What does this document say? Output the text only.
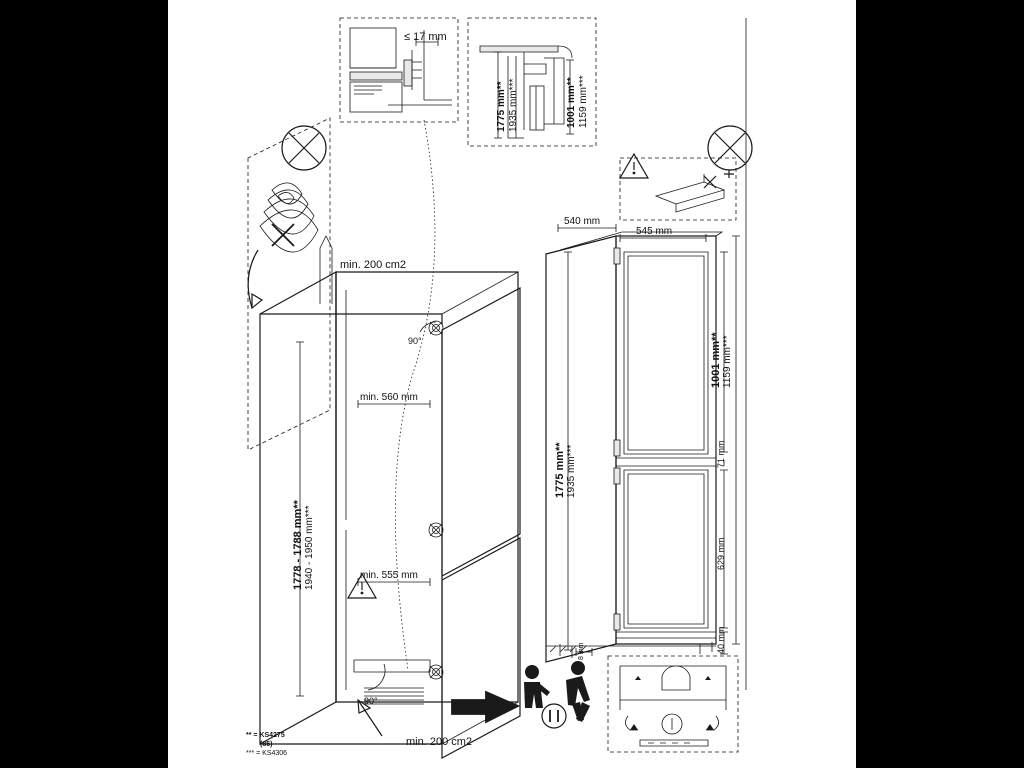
≤ 17 mm
1775 mm** 1935 mm***	1001 mm** 1159 mm***
min. 200 cm2
min. 200 cm2
1778 - 1788 mm** 1940 - 1950 mm***
min. 560 mm
min. 555 mm
90°
90°
540 mm
545 mm
1001 mm** 1159 mm***
1775 mm** 1935 mm***	71 mm
629 mm
40 mm
8 mm
** = KS4275
(85)
*** = KS4306
